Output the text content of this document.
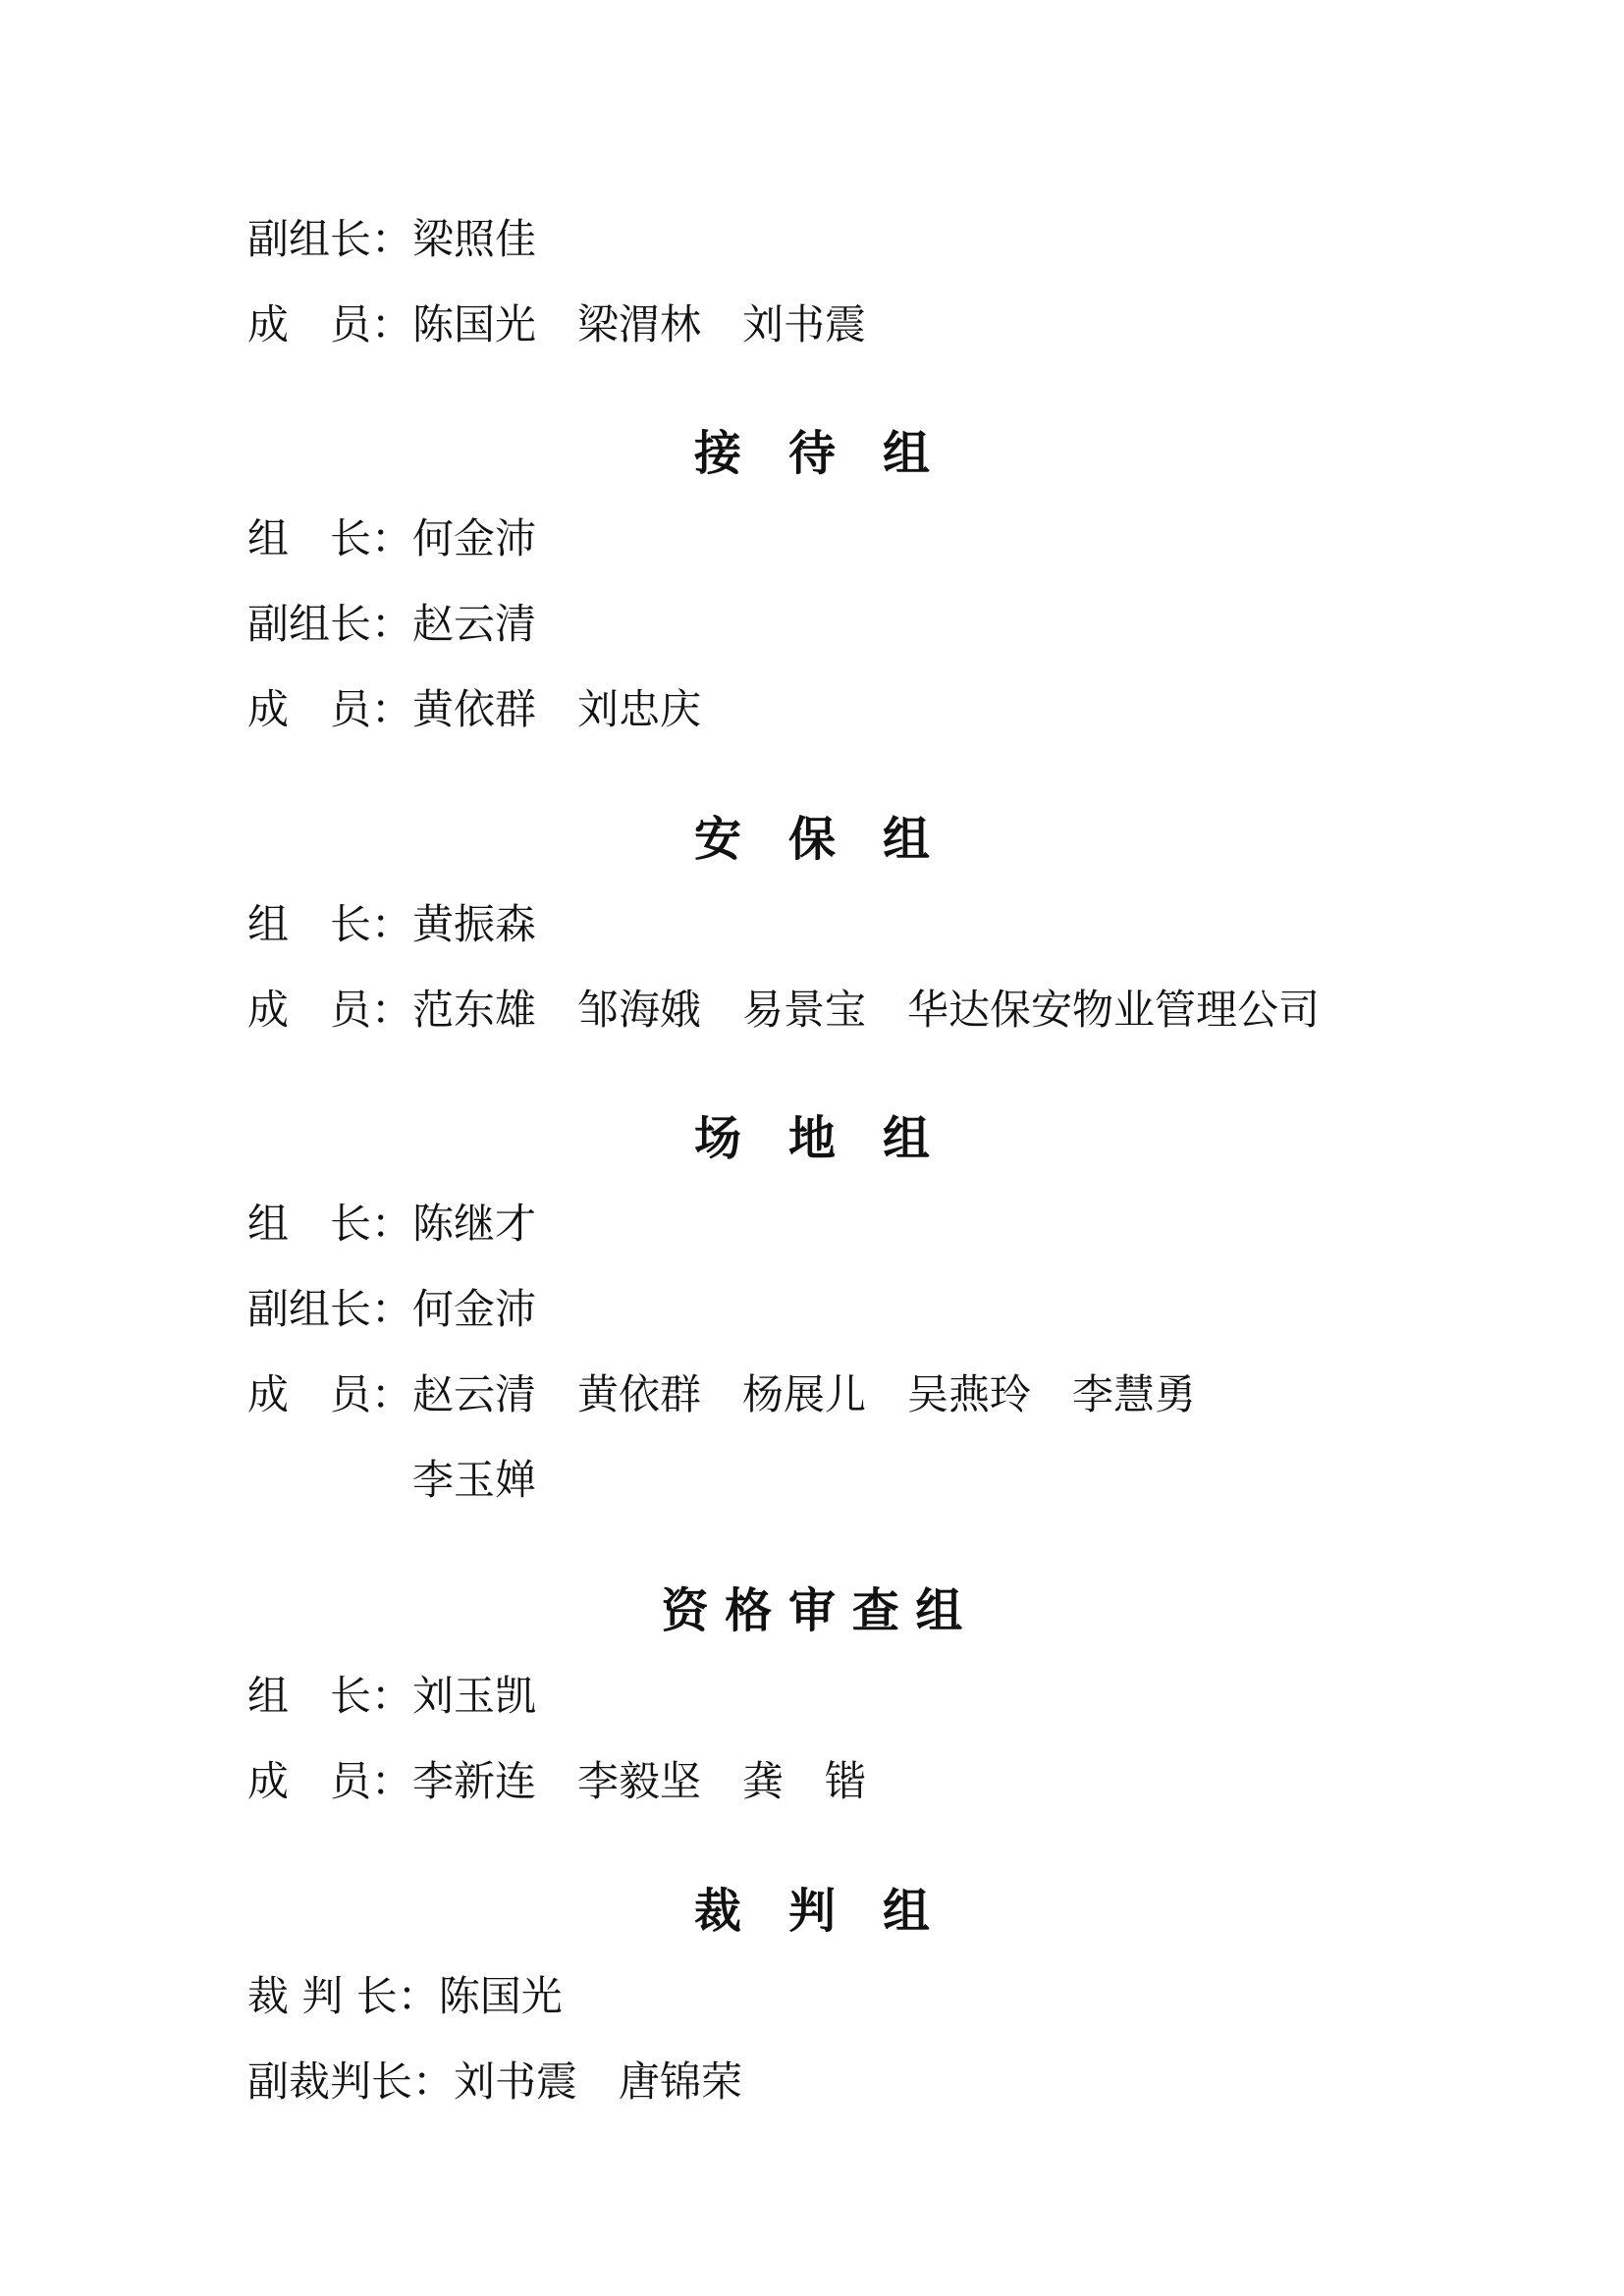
副组长：梁照佳
成　员：陈国光　梁渭林　刘书震
接　待　组
组　长：何金沛
副组长：赵云清
成　员：黄依群　刘忠庆
安　保　组
组　长：黄振森
成　员：范东雄　邹海娥　易景宝　华达保安物业管理公司
场　地　组
组　长：陈继才
副组长：何金沛
成　员：赵云清　黄依群　杨展儿　吴燕玲　李慧勇
　　　　李玉婵
资 格 审 查 组
组　长：刘玉凯
成　员：李新连　李毅坚　龚　锴
裁　判　组
裁 判 长：陈国光
副裁判长：刘书震　唐锦荣
